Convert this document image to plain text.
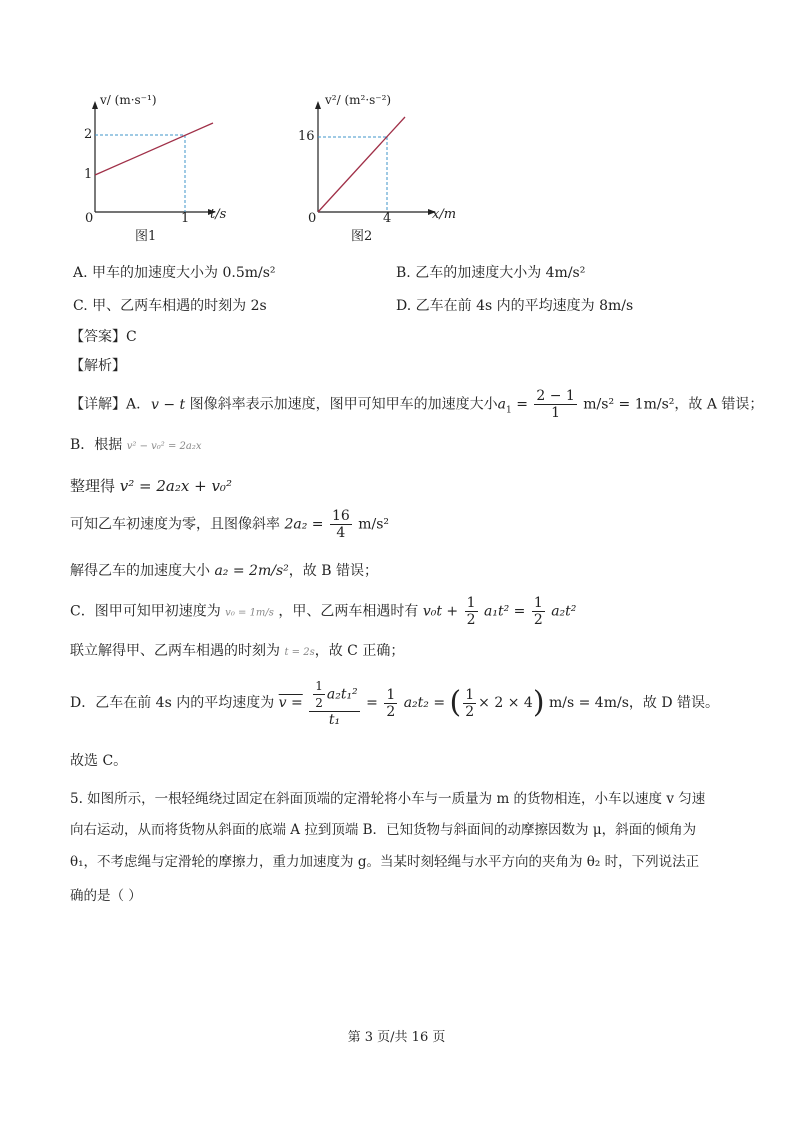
v/ (m·s⁻¹)
2
1
0	1 t/s
图1
v²/ (m²·s⁻²)
16
0	4	x/m
图2
A. 甲车的加速度大小为 0.5m/s²	B. 乙车的加速度大小为 4m/s²
C. 甲、乙两车相遇的时刻为 2s	D. 乙车在前 4s 内的平均速度为 8m/s
【答案】C
【解析】
【详解】A. v − t 图像斜率表示加速度，图甲可知甲车的加速度大小$a_1 = \frac{2 - 1}{1} m/s^2 = 1m/s^2$，故 A 错误；
B．根据 v² − v₀² = 2a₂x
整理得 v² = 2a₂x + v₀²
可知乙车初速度为零，且图像斜率 $2a_2 = \frac{16}{4} m/s^2$
解得乙车的加速度大小 a₂ = 2m/s²，故 B 错误；
C．图甲可知甲初速度为 v₀ = 1m/s ，甲、乙两车相遇时有 $v_0t + \frac{1}{2} a_1t^2 = \frac{1}{2} a_2t^2$
联立解得甲、乙两车相遇的时刻为 t = 2s，故 C 正确；
D．乙车在前 4s 内的平均速度为 $v = \frac{\frac{1}{2} a_2t_1^2}{\text{t₁}} = \frac{1}{2} a_2t_2$ = ( $\frac{1}{2} \times 2 \times 4$) m/s = 4m/s，故 D 错误。
故选 C。
5. 如图所示，一根轻绳绕过固定在斜面顶端的定滑轮将小车与一质量为 m 的货物相连，小车以速度 v 匀速
向右运动，从而将货物从斜面的底端 A 拉到顶端 B．已知货物与斜面间的动摩擦因数为 μ，斜面的倾角为
θ₁，不考虑绳与定滑轮的摩擦力，重力加速度为 g。当某时刻轻绳与水平方向的夹角为 θ₂ 时，下列说法正
确的是（ ）
第 3 页/共 16 页
